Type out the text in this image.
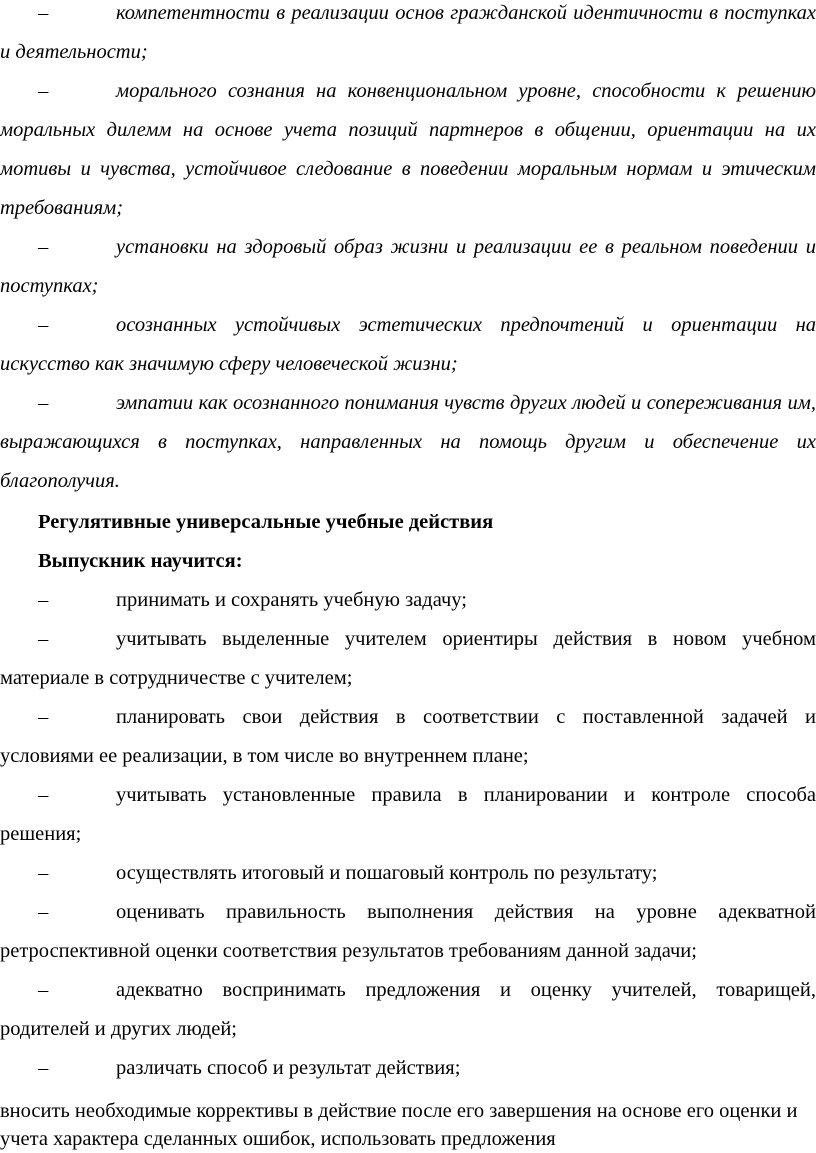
–	компетентности в реализации основ гражданской идентичности в поступках и деятельности;

–	морального сознания на конвенциональном уровне, способности к решению моральных дилемм на основе учета позиций партнеров в общении, ориентации на их мотивы и чувства, устойчивое следование в поведении моральным нормам и этическим требованиям;

–	установки на здоровый образ жизни и реализации ее в реальном поведении и поступках;

–	осознанных устойчивых эстетических предпочтений и ориентации на искусство как значимую сферу человеческой жизни;

–	эмпатии как осознанного понимания чувств других людей и сопереживания им, выражающихся в поступках, направленных на помощь другим и обеспечение их благополучия.

Регулятивные универсальные учебные действия

Выпускник научится:

–	принимать и сохранять учебную задачу;

–	учитывать выделенные учителем ориентиры действия в новом учебном материале в сотрудничестве с учителем;

–	планировать свои действия в соответствии с поставленной задачей и условиями ее реализации, в том числе во внутреннем плане;

–	учитывать установленные правила в планировании и контроле способа решения;

–	осуществлять итоговый и пошаговый контроль по результату;

–	оценивать правильность выполнения действия на уровне адекватной ретроспективной оценки соответствия результатов требованиям данной задачи;

–	адекватно воспринимать предложения и оценку учителей, товарищей, родителей и других людей;

–	различать способ и результат действия;

вносить необходимые коррективы в действие после его завершения на основе его оценки и учета характера сделанных ошибок, использовать предложения
